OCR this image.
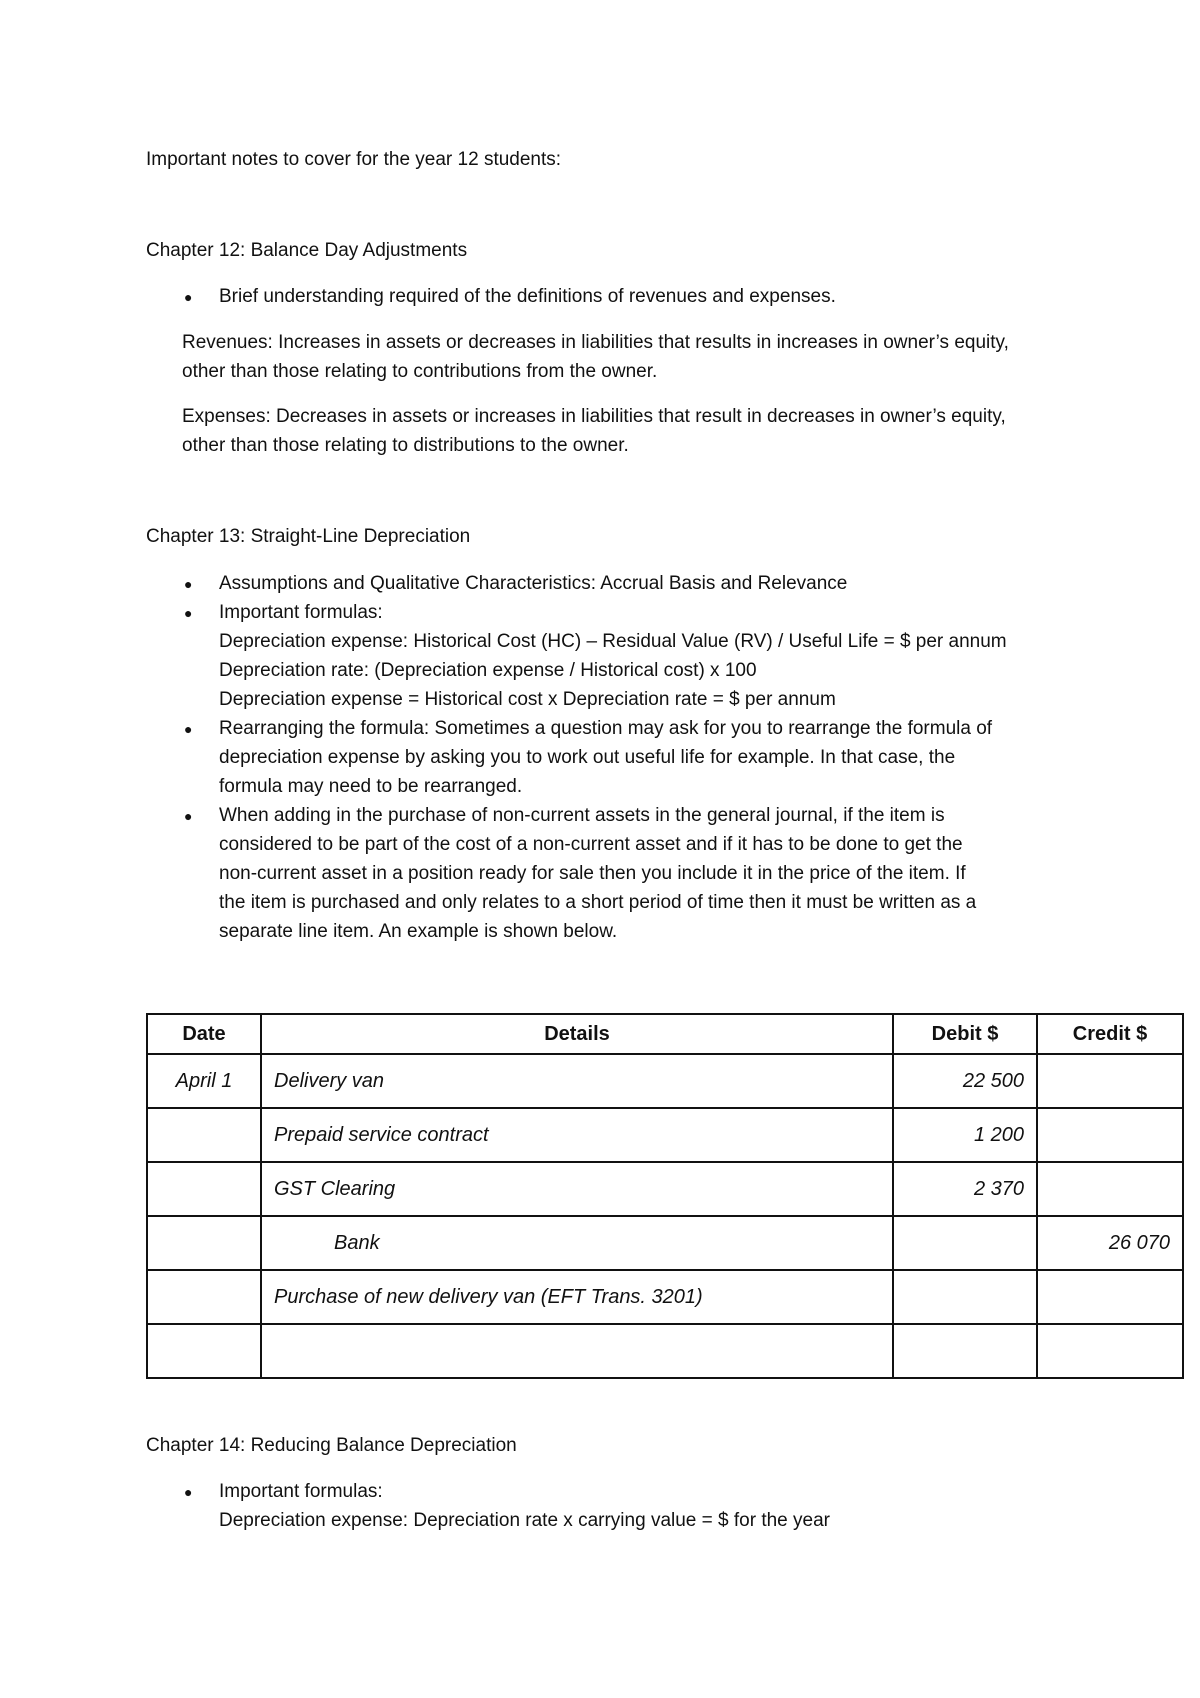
Important notes to cover for the year 12 students:
Chapter 12: Balance Day Adjustments
● Brief understanding required of the definitions of revenues and expenses.
Revenues: Increases in assets or decreases in liabilities that results in increases in owner’s equity,
other than those relating to contributions from the owner.
Expenses: Decreases in assets or increases in liabilities that result in decreases in owner’s equity,
other than those relating to distributions to the owner.
Chapter 13: Straight-Line Depreciation
● Assumptions and Qualitative Characteristics: Accrual Basis and Relevance
● Important formulas:
Depreciation expense: Historical Cost (HC) – Residual Value (RV) / Useful Life = $ per annum
Depreciation rate: (Depreciation expense / Historical cost) x 100
Depreciation expense = Historical cost x Depreciation rate = $ per annum
● Rearranging the formula: Sometimes a question may ask for you to rearrange the formula of
depreciation expense by asking you to work out useful life for example. In that case, the
formula may need to be rearranged.
● When adding in the purchase of non-current assets in the general journal, if the item is
considered to be part of the cost of a non-current asset and if it has to be done to get the
non-current asset in a position ready for sale then you include it in the price of the item. If
the item is purchased and only relates to a short period of time then it must be written as a
separate line item. An example is shown below.
Date	Details	Debit $	Credit $
April 1	Delivery van	22 500	
	Prepaid service contract	1 200	
	GST Clearing	2 370	
	Bank		26 070
	Purchase of new delivery van (EFT Trans. 3201)		

Chapter 14: Reducing Balance Depreciation
● Important formulas:
Depreciation expense: Depreciation rate x carrying value = $ for the year
